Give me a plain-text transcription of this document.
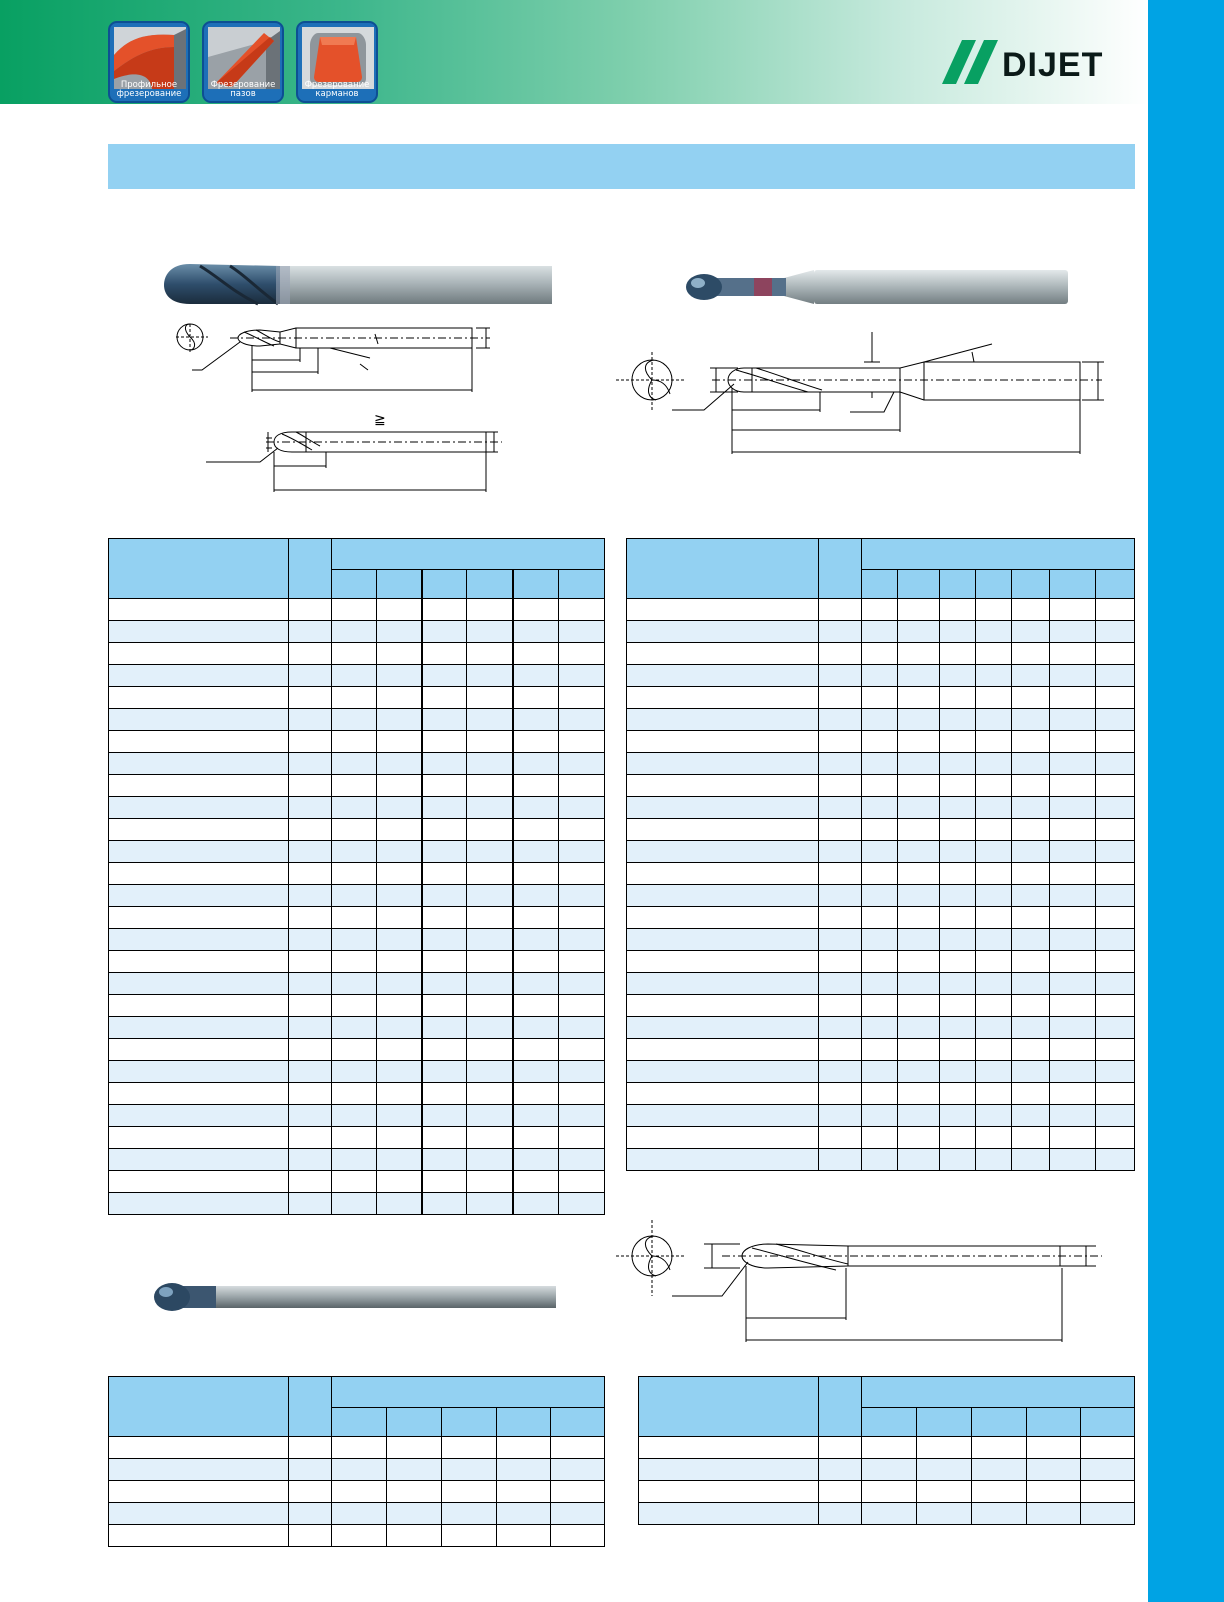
Профильное
фрезерование
Фрезерование
пазов
Фрезерование
карманов
DIJET
≧
